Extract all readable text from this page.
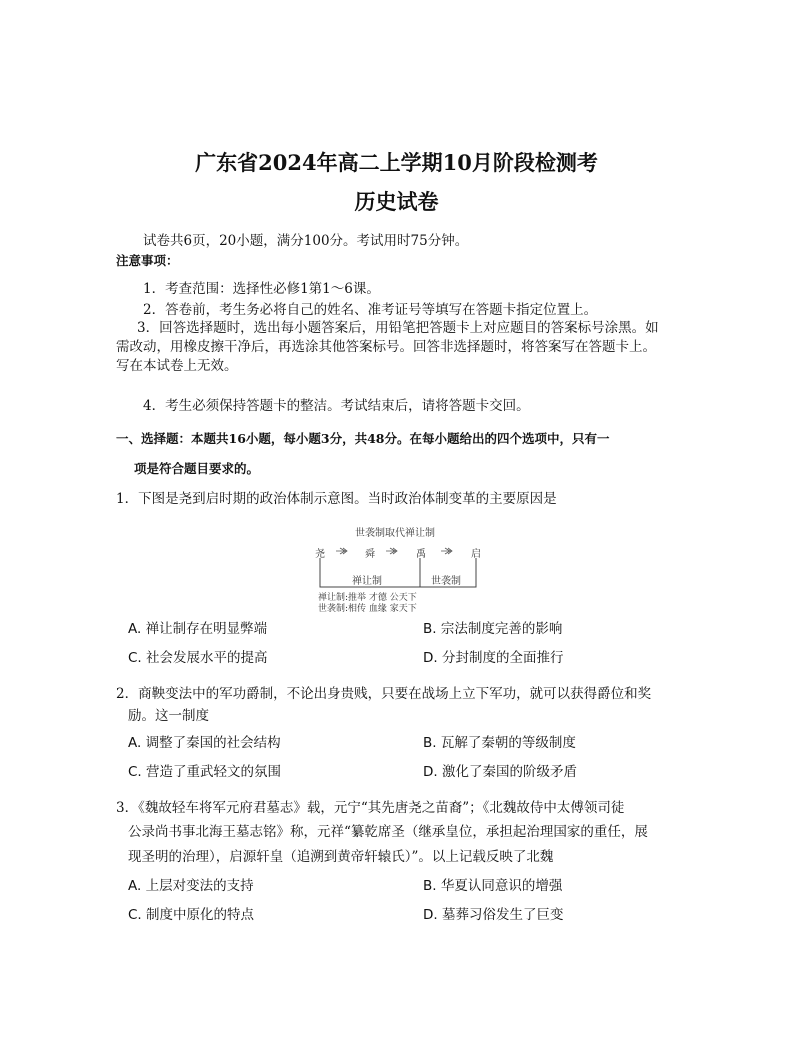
广东省2024年高二上学期10月阶段检测考
历史试卷
试卷共6页，20小题，满分100分。考试用时75分钟。
注意事项：
1．考查范围：选择性必修1第1～6课。
2．答卷前，考生务必将自己的姓名、准考证号等填写在答题卡指定位置上。
3．回答选择题时，选出每小题答案后，用铅笔把答题卡上对应题目的答案标号涂黑。如
需改动，用橡皮擦干净后，再选涂其他答案标号。回答非选择题时，将答案写在答题卡上。
写在本试卷上无效。
4．考生必须保持答题卡的整洁。考试结束后，请将答题卡交回。
一、选择题：本题共16小题，每小题3分，共48分。在每小题给出的四个选项中，只有一
项是符合题目要求的。
1．下图是尧到启时期的政治体制示意图。当时政治体制变革的主要原因是
世袭制取代禅让制
尧	舜	禹	启
禅让制	世袭制
禅让制:推举 才德 公天下
世袭制:相传 血缘 家天下
A. 禅让制存在明显弊端	B. 宗法制度完善的影响
C. 社会发展水平的提高	D. 分封制度的全面推行
2．商鞅变法中的军功爵制，不论出身贵贱，只要在战场上立下军功，就可以获得爵位和奖
励。这一制度
A. 调整了秦国的社会结构	B. 瓦解了秦朝的等级制度
C. 营造了重武轻文的氛围	D. 激化了秦国的阶级矛盾
3．《魏故轻车将军元府君墓志》载，元宁“其先唐尧之苗裔”；《北魏故侍中太傅领司徒
公录尚书事北海王墓志铭》称，元祥“纂乾席圣（继承皇位，承担起治理国家的重任，展
现圣明的治理），启源轩皇（追溯到黄帝轩辕氏）”。以上记载反映了北魏
A. 上层对变法的支持	B. 华夏认同意识的增强
C. 制度中原化的特点	D. 墓葬习俗发生了巨变
